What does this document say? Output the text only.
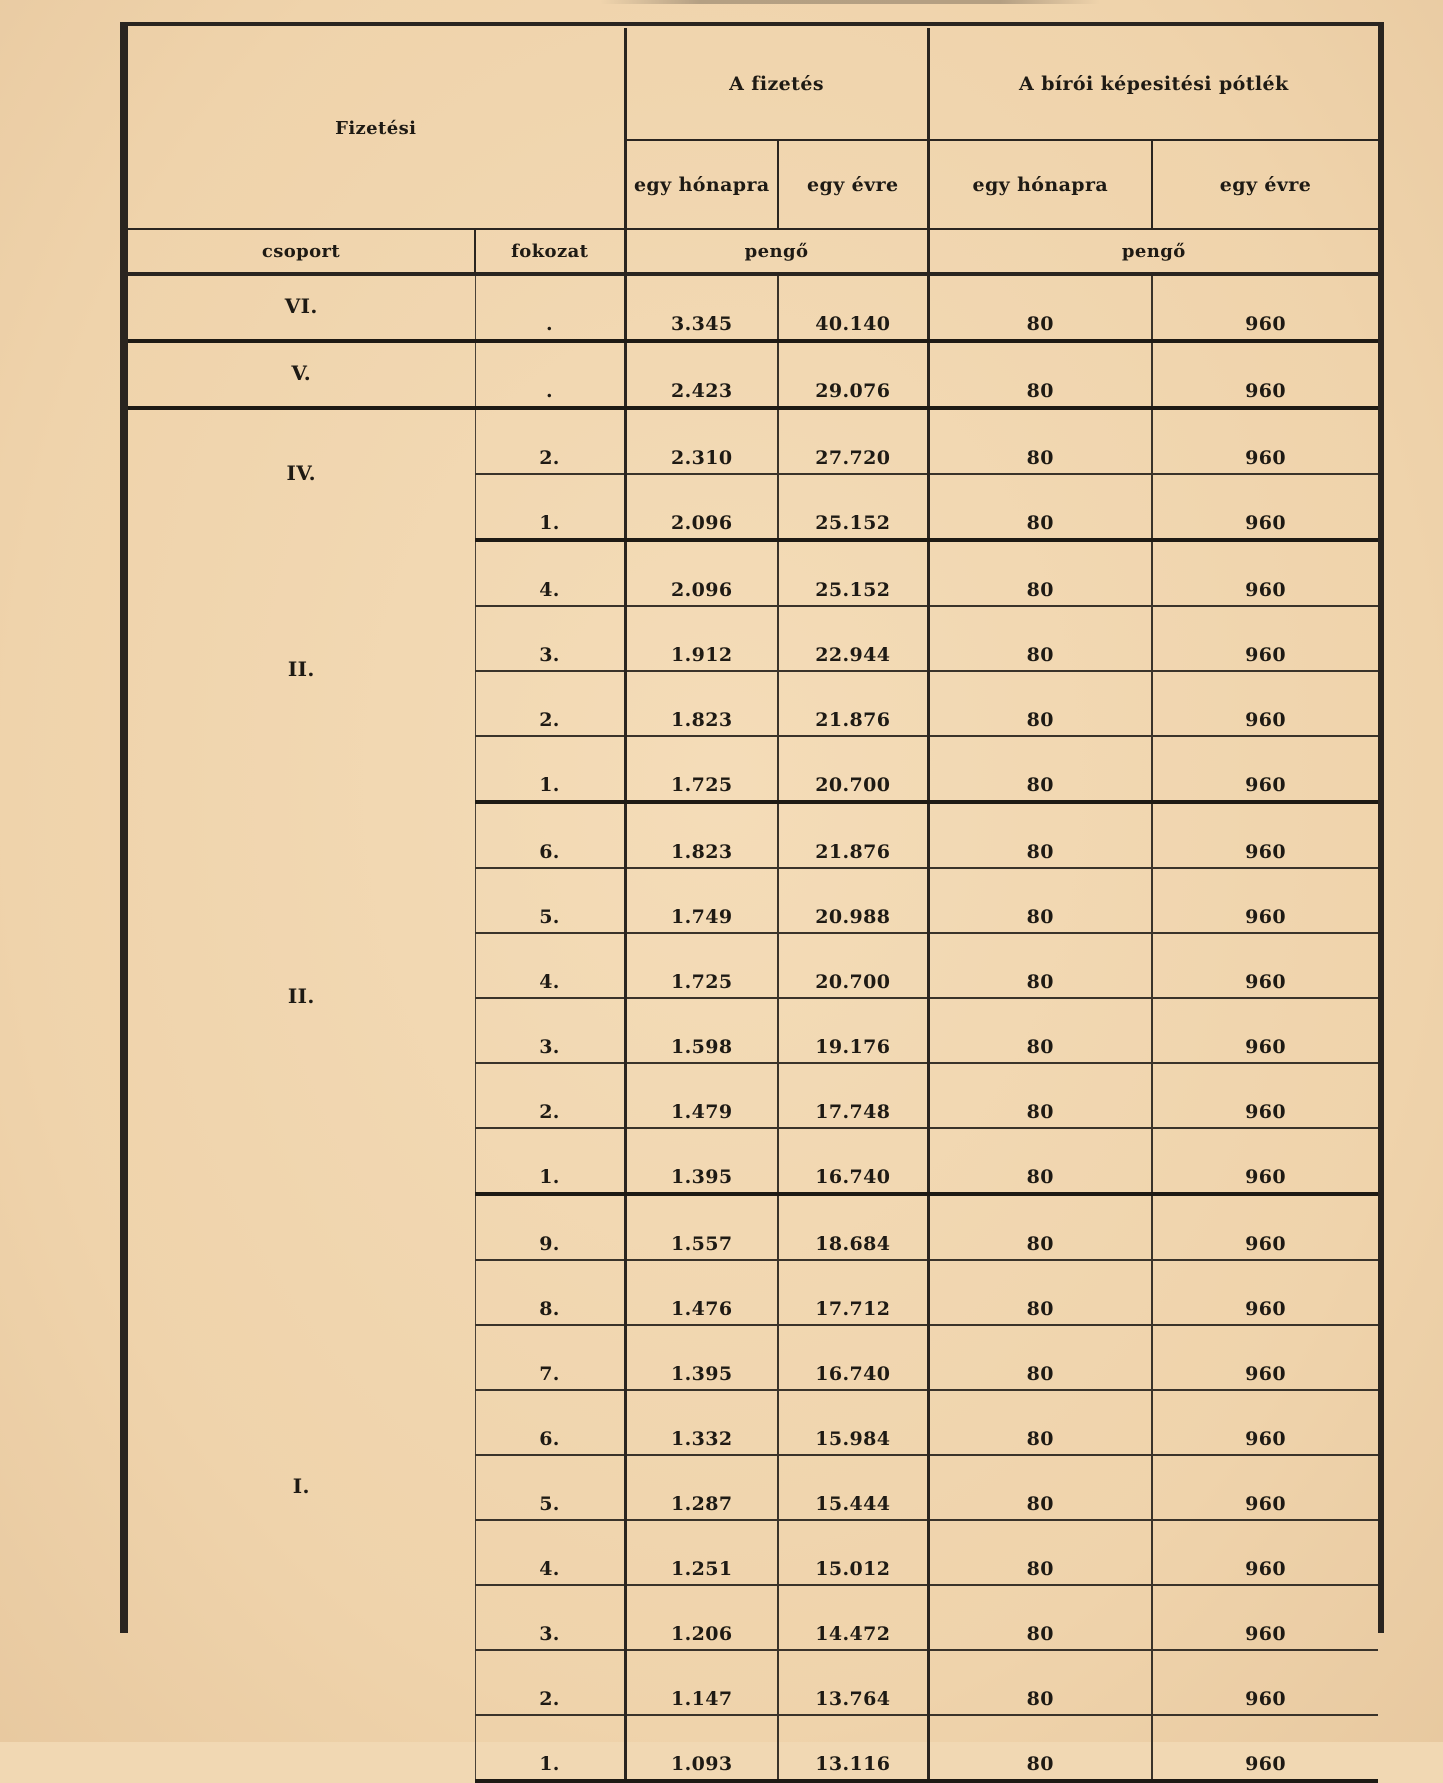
Fizetési		A fizetés		A bírói képesitési pótlék	
		egy hónapra	egy évre	egy hónapra	egy évre
csoport	fokozat	pengő		pengő	
VI.	.	3.345	40.140	80	960
V.	.	2.423	29.076	80	960
IV.	2.	2.310	27.720	80	960
	1.	2.096	25.152	80	960
II.	4.	2.096	25.152	80	960
	3.	1.912	22.944	80	960
	2.	1.823	21.876	80	960
	1.	1.725	20.700	80	960
II.	6.	1.823	21.876	80	960
	5.	1.749	20.988	80	960
	4.	1.725	20.700	80	960
	3.	1.598	19.176	80	960
	2.	1.479	17.748	80	960
	1.	1.395	16.740	80	960
I.	9.	1.557	18.684	80	960
	8.	1.476	17.712	80	960
	7.	1.395	16.740	80	960
	6.	1.332	15.984	80	960
	5.	1.287	15.444	80	960
	4.	1.251	15.012	80	960
	3.	1.206	14.472	80	960
	2.	1.147	13.764	80	960
	1.	1.093	13.116	80	960
